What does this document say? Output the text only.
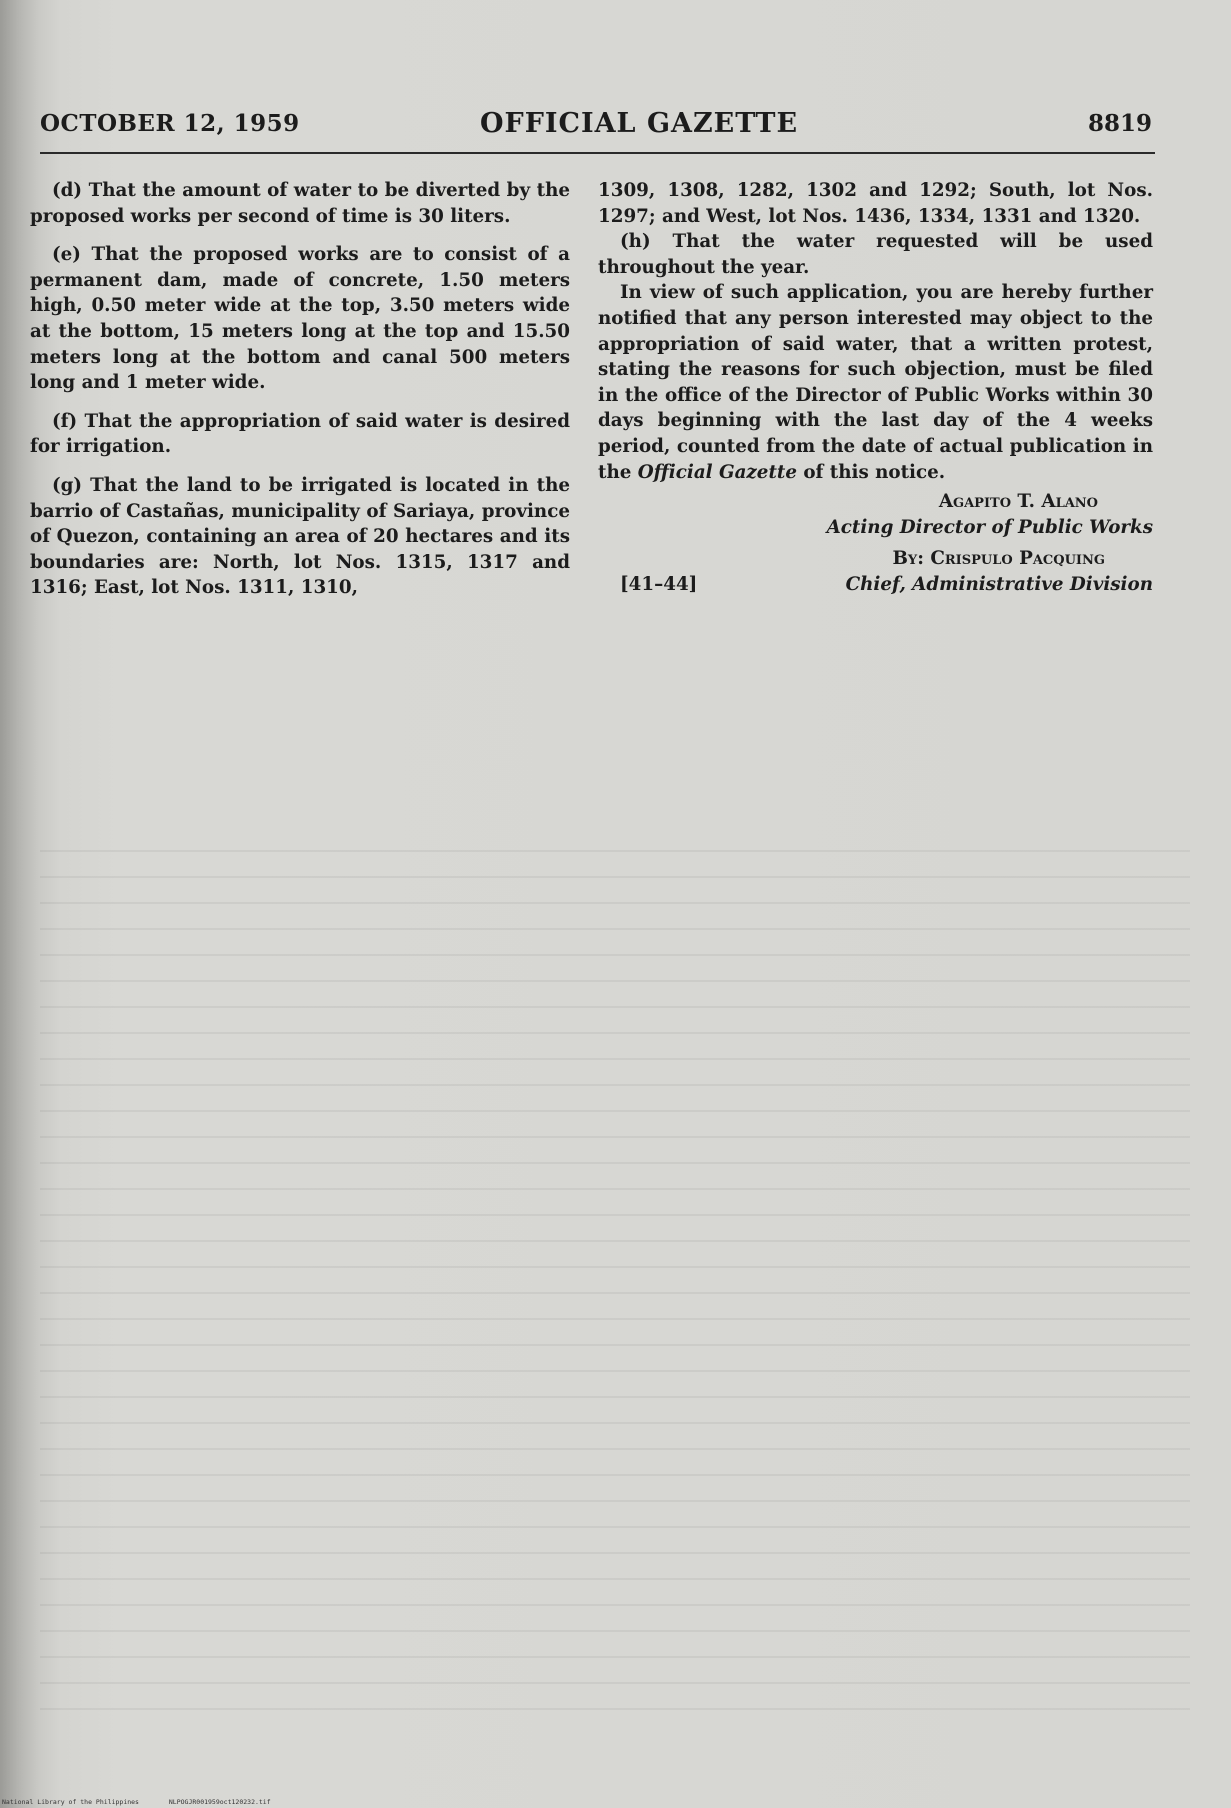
OCTOBER 12, 1959	OFFICIAL GAZETTE	8819

(d) That the amount of water to be diverted by the proposed works per second of time is 30 liters.

(e) That the proposed works are to consist of a permanent dam, made of concrete, 1.50 meters high, 0.50 meter wide at the top, 3.50 meters wide at the bottom, 15 meters long at the top and 15.50 meters long at the bottom and canal 500 meters long and 1 meter wide.

(f) That the appropriation of said water is desired for irrigation.

(g) That the land to be irrigated is located in the barrio of Castañas, municipality of Sariaya, province of Quezon, containing an area of 20 hectares and its boundaries are: North, lot Nos. 1315, 1317 and 1316; East, lot Nos. 1311, 1310,

1309, 1308, 1282, 1302 and 1292; South, lot Nos. 1297; and West, lot Nos. 1436, 1334, 1331 and 1320.

(h) That the water requested will be used throughout the year.

In view of such application, you are hereby further notified that any person interested may object to the appropriation of said water, that a written protest, stating the reasons for such objection, must be filed in the office of the Director of Public Works within 30 days beginning with the last day of the 4 weeks period, counted from the date of actual publication in the Official Gazette of this notice.

Agapito T. Alano
Acting Director of Public Works
By: Crispulo Pacquing
[41–44]	Chief, Administrative Division
National Library of the Philippines	NLPOGJR001959oct120232.tif
